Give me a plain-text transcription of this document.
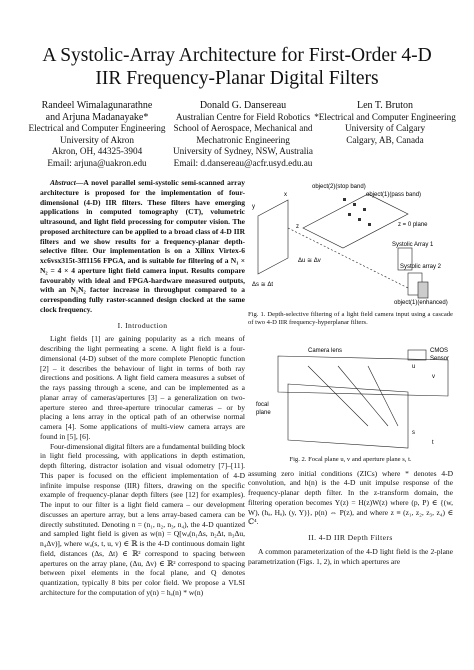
A Systolic-Array Architecture for First-Order 4-D
IIR Frequency-Planar Digital Filters
Randeel Wimalagunarathne
and Arjuna Madanayake*
Electrical and Computer Engineering
University of Akron
Akron, OH, 44325-3904
Email: arjuna@uakron.edu
Donald G. Dansereau
Australian Centre for Field Robotics
School of Aerospace, Mechanical and
Mechatronic Engineering
University of Sydney, NSW, Australia
Email: d.dansereau@acfr.usyd.edu.au
Len T. Bruton
*Electrical and Computer Engineering
University of Calgary
Calgary, AB, Canada

Abstract—A novel parallel semi-systolic semi-scanned array architecture is proposed for the implementation of four-dimensional (4-D) IIR filters. These filters have emerging applications in computed tomography (CT), volumetric ultrasound, and light field processing for computer vision. The proposed architecture can be applied to a broad class of 4-D IIR filters and we show results for a frequency-planar depth-selective filter. Our implementation is on a Xilinx Virtex-6 xc6vsx315t-3ff1156 FPGA, and is suitable for filtering of a N₁ × N₂ = 4 × 4 aperture light field camera input. Results compare favourably with ideal and FPGA-hardware measured outputs, with an N₁N₂ factor increase in throughput compared to a corresponding fully raster-scanned design clocked at the same clock frequency.

I. Introduction

Light fields [1] are gaining popularity as a rich means of describing the light permeating a scene. A light field is a four-dimensional (4-D) subset of the more complete Plenoptic function [2] – it describes the behaviour of light in terms of both ray directions and positions. A light field camera measures a subset of the rays passing through a scene, and can be implemented as a planar array of cameras/apertures [3] – a generalization on two-aperture stereo and three-aperture trinocular cameras – or by placing a lens array in the optical path of an otherwise normal camera [4]. Some applications of multi-view camera arrays are found in [5], [6].

Four-dimensional digital filters are a fundamental building block in light field processing, with applications in depth estimation, depth filtering, distractor isolation and visual odometry [7]–[11]. This paper is focused on the efficient implementation of 4-D infinite impulse response (IIR) filters, drawing on the specific example of frequency-planar depth filters (see [12] for examples). The input to our filter is a light field camera – our development discusses an aperture array, but a lens array-based camera can be directly substituted. Denoting n = (n₁, n₂, n₃, n₄), the 4-D quantized and sampled light field is given as w(n) = Q[wₐ(n₁Δs, n₂Δt, n₃Δu, n₄Δv)], where wₐ(s, t, u, v) ∈ ℝ is the 4-D continuous domain light field, distances (Δs, Δt) ∈ ℝ² correspond to spacing between apertures on the array plane, (Δu, Δv) ∈ ℝ² correspond to spacing between pixel elements in the focal plane, and Q denotes quantization, typically 8 bits per color field. We propose a VLSI architecture for the computation of y(n) = hₐ(n) * w(n)

object(2)(stop band)
object(1)(pass band)
z = 0 plane
Systolic Array 1
Systolic array 2
object(1)(enhanced)
Δs ≅ Δt
Δu ≅ Δv
y
x
z
Fig. 1. Depth-selective filtering of a light field camera input using a cascade of two 4-D IIR frequency-hyperplanar filters.
Camera lens	CMOS
Sensor
focal
plane
u
v
s
t
Fig. 2. Focal plane u, v and aperture plane s, t.

assuming zero initial conditions (ZICs) where * denotes 4-D convolution, and h(n) is the 4-D unit impulse response of the frequency-planar depth filter. In the z-transform domain, the filtering operation becomes Y(z) = H(z)W(z) where (p, P) ∈ {(w, W), (hₐ, Hₐ), (y, Y)}, p(n) ⇔ P(z), and where z ≡ (z₁, z₂, z₃, z₄) ∈ ℂ⁴.

II. 4-D IIR Depth Filters

A common parameterization of the 4-D light field is the 2-plane parametrization (Figs. 1, 2), in which apertures are
